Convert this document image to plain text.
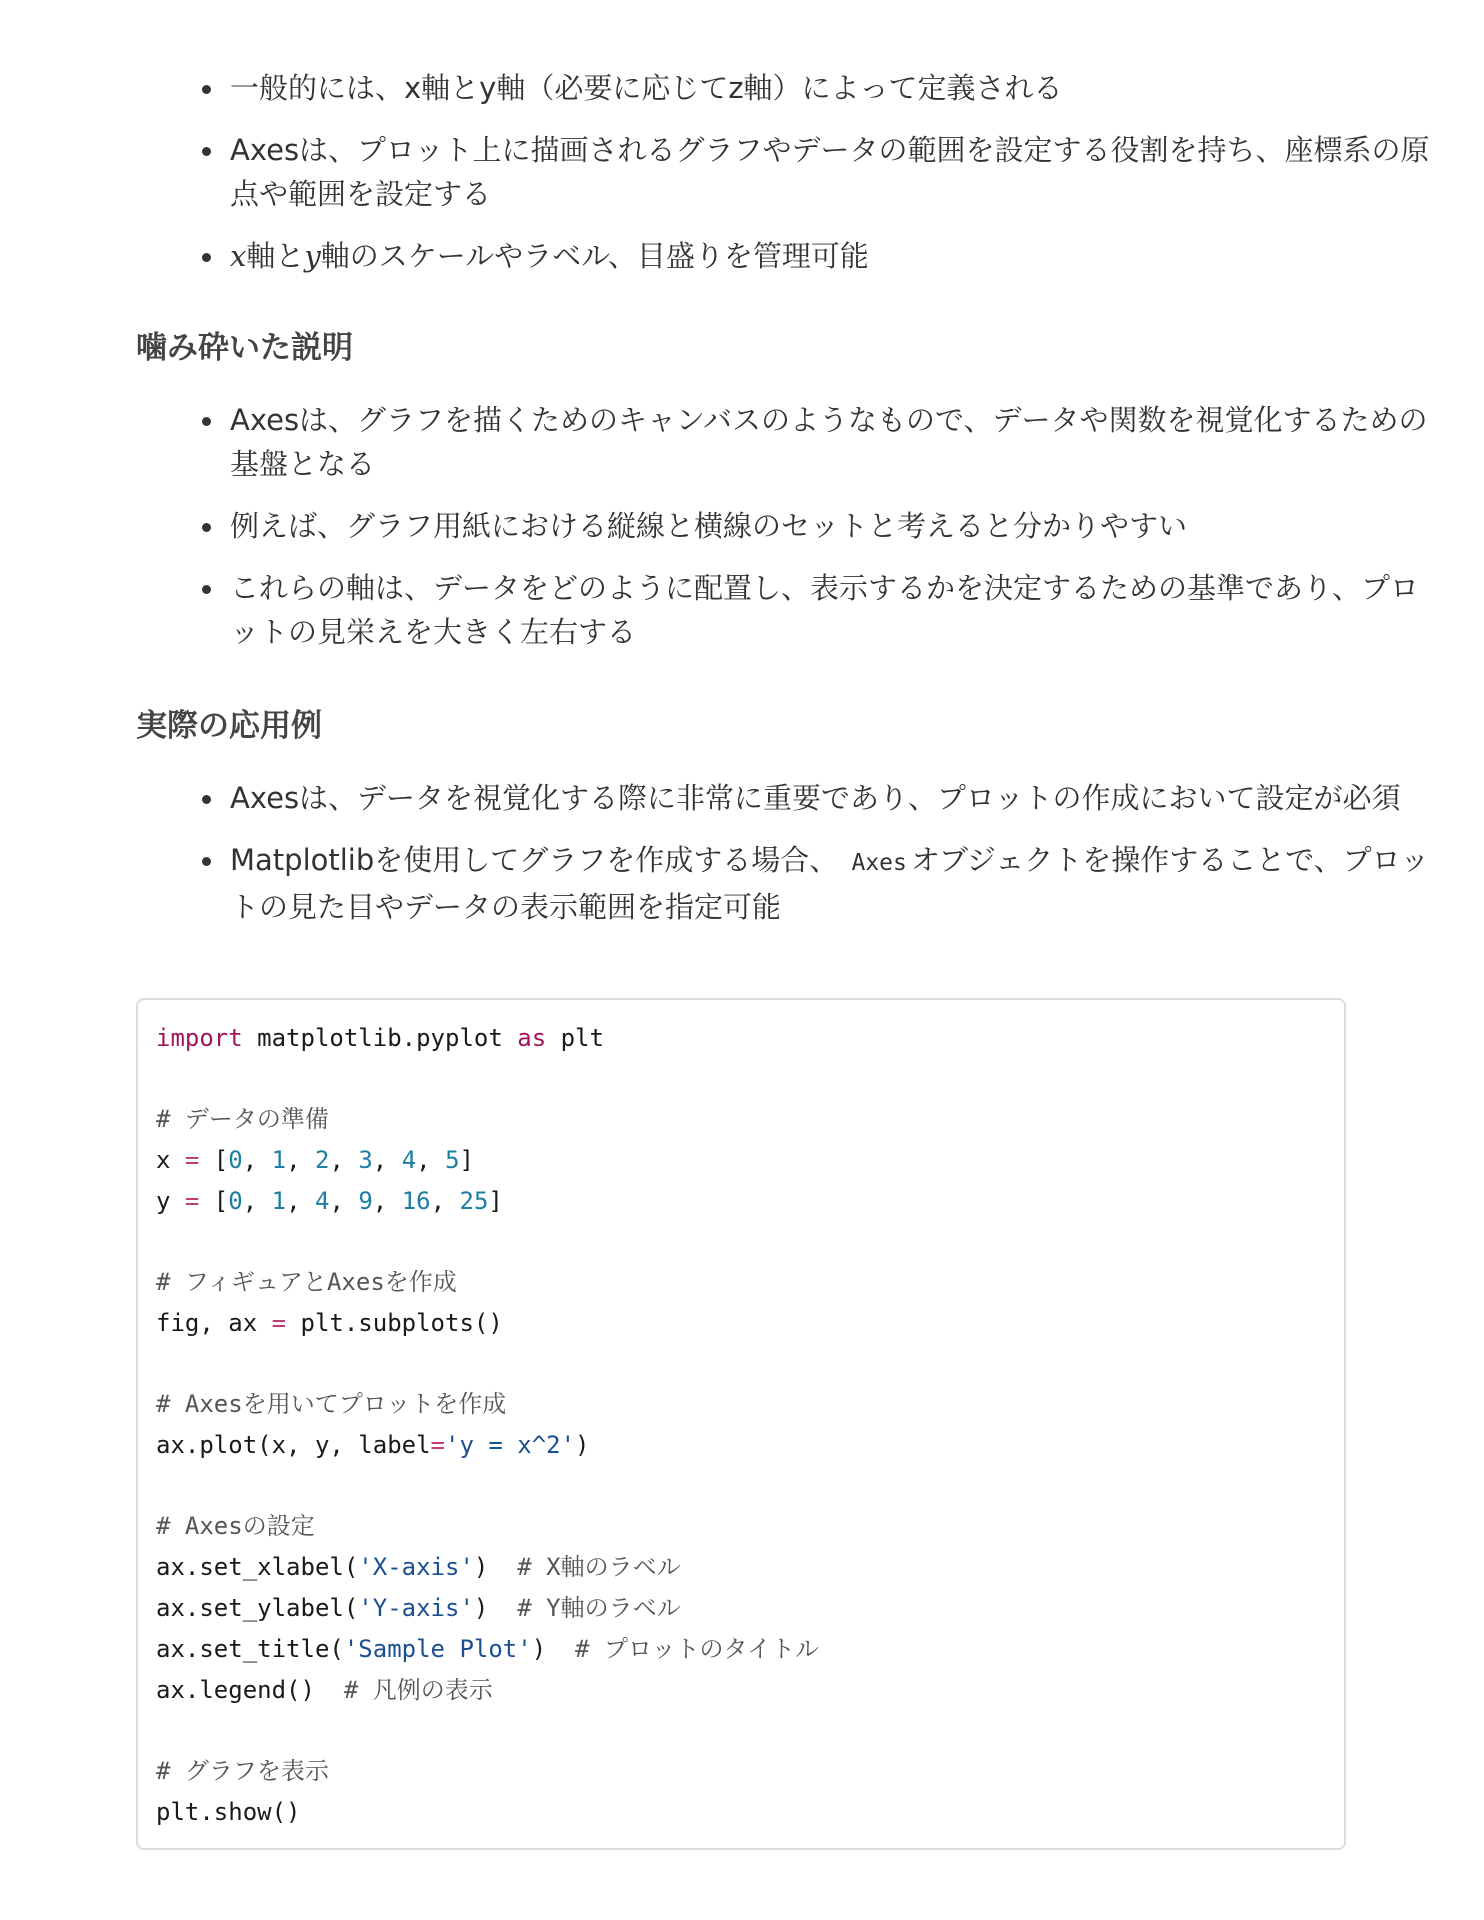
一般的には、x軸とy軸（必要に応じてz軸）によって定義される
Axesは、プロット上に描画されるグラフやデータの範囲を設定する役割を持ち、座標系の原点や範囲を設定する
x軸とy軸のスケールやラベル、目盛りを管理可能
噛み砕いた説明
Axesは、グラフを描くためのキャンバスのようなもので、データや関数を視覚化するための基盤となる
例えば、グラフ用紙における縦線と横線のセットと考えると分かりやすい
これらの軸は、データをどのように配置し、表示するかを決定するための基準であり、プロットの見栄えを大きく左右する
実際の応用例
Axesは、データを視覚化する際に非常に重要であり、プロットの作成において設定が必須
Matplotlibを使用してグラフを作成する場合、 Axes オブジェクトを操作することで、プロットの見た目やデータの表示範囲を指定可能
import matplotlib.pyplot as plt
# データの準備
x = [0, 1, 2, 3, 4, 5]
y = [0, 1, 4, 9, 16, 25]
# フィギュアとAxesを作成
fig, ax = plt.subplots()
# Axesを用いてプロットを作成
ax.plot(x, y, label='y = x^2')
# Axesの設定
ax.set_xlabel('X-axis')  # X軸のラベル
ax.set_ylabel('Y-axis')  # Y軸のラベル
ax.set_title('Sample Plot')  # プロットのタイトル
ax.legend()  # 凡例の表示
# グラフを表示
plt.show()
